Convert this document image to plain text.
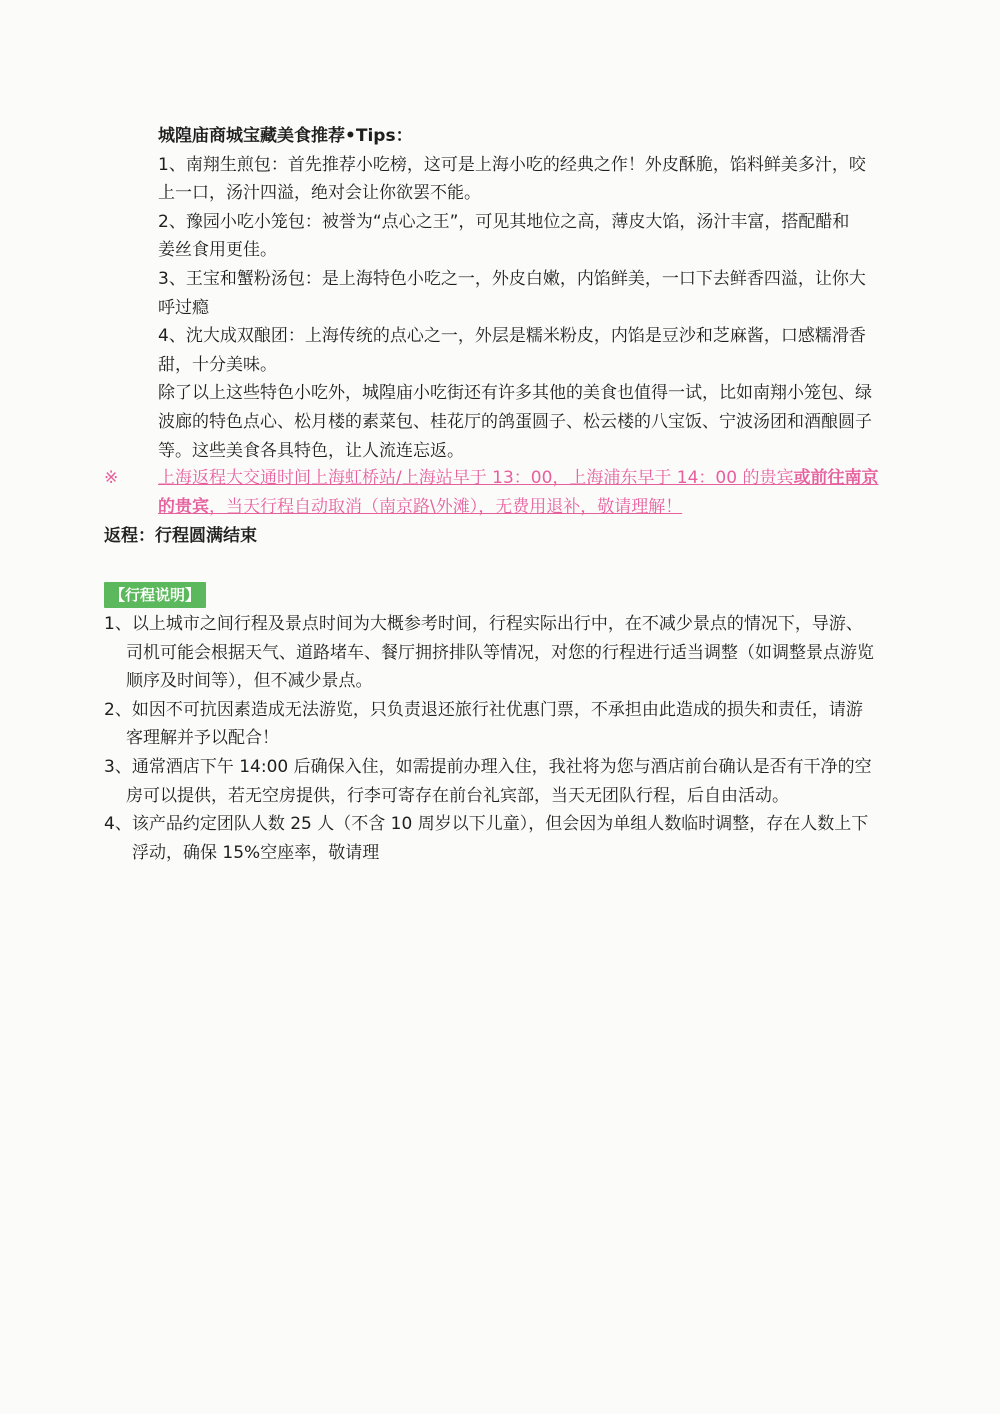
城隍庙商城宝藏美食推荐•Tips：
1、南翔生煎包：首先推荐小吃榜，这可是上海小吃的经典之作！外皮酥脆，馅料鲜美多汁，咬
上一口，汤汁四溢，绝对会让你欲罢不能。
2、豫园小吃小笼包：被誉为“点心之王”，可见其地位之高，薄皮大馅，汤汁丰富，搭配醋和
姜丝食用更佳。
3、王宝和蟹粉汤包：是上海特色小吃之一，外皮白嫩，内馅鲜美，一口下去鲜香四溢，让你大
呼过瘾
4、沈大成双酿团：上海传统的点心之一，外层是糯米粉皮，内馅是豆沙和芝麻酱，口感糯滑香
甜，十分美味。
除了以上这些特色小吃外，城隍庙小吃街还有许多其他的美食也值得一试，比如南翔小笼包、绿
波廊的特色点心、松月楼的素菜包、桂花厅的鸽蛋圆子、松云楼的八宝饭、宁波汤团和酒酿圆子
等。这些美食各具特色，让人流连忘返。
※ 上海返程大交通时间上海虹桥站/上海站早于 13：00，上海浦东早于 14：00 的贵宾或前往南京
的贵宾，当天行程自动取消（南京路\外滩），无费用退补，敬请理解！
返程：行程圆满结束
【行程说明】
1、以上城市之间行程及景点时间为大概参考时间，行程实际出行中，在不减少景点的情况下，导游、
司机可能会根据天气、道路堵车、餐厅拥挤排队等情况，对您的行程进行适当调整（如调整景点游览
顺序及时间等），但不减少景点。
2、如因不可抗因素造成无法游览，只负责退还旅行社优惠门票，不承担由此造成的损失和责任，请游
客理解并予以配合！
3、通常酒店下午 14:00 后确保入住，如需提前办理入住，我社将为您与酒店前台确认是否有干净的空
房可以提供，若无空房提供，行李可寄存在前台礼宾部，当天无团队行程，后自由活动。
4、该产品约定团队人数 25 人（不含 10 周岁以下儿童），但会因为单组人数临时调整，存在人数上下
浮动，确保 15%空座率，敬请理
